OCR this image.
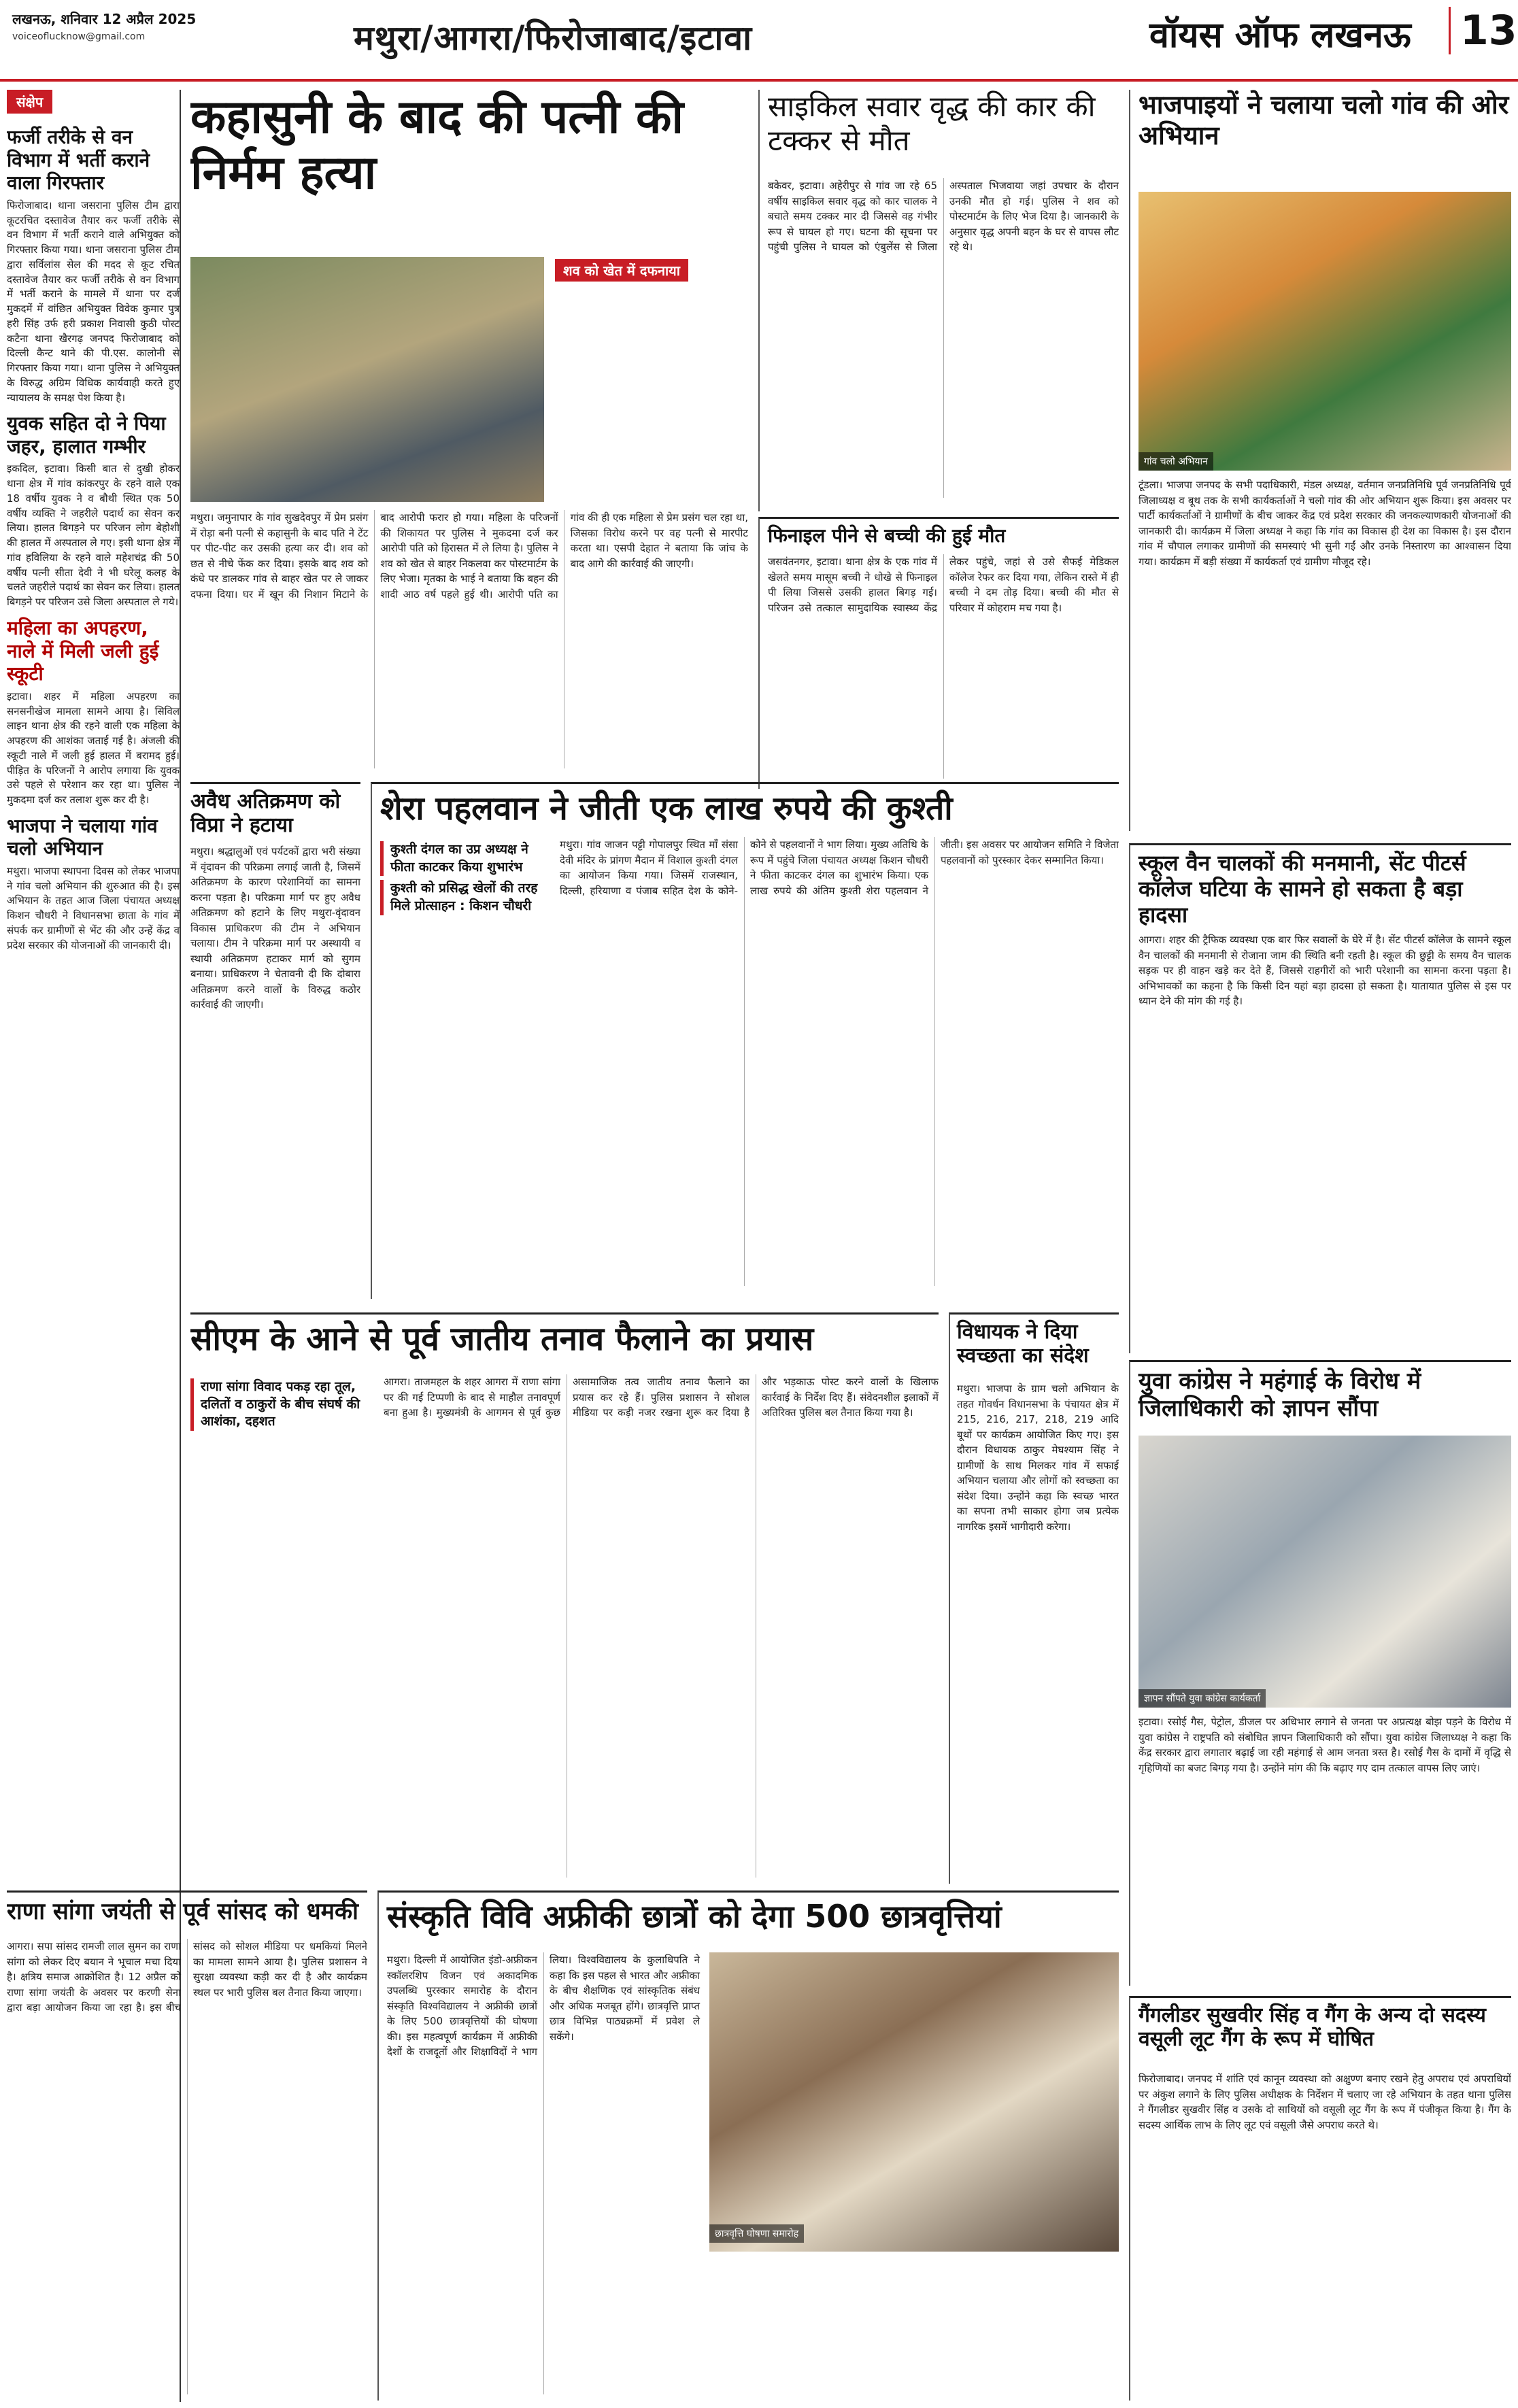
लखनऊ, शनिवार 12 अप्रैल 2025
voiceoflucknow@gmail.com	मथुरा/आगरा/फिरोजाबाद/इटावा	वॉयस ऑफ लखनऊ 13
संक्षेप
फर्जी तरीके से वन विभाग में भर्ती कराने वाला गिरफ्तार
फिरोजाबाद। थाना जसराना पुलिस टीम द्वारा कूटरचित दस्तावेज तैयार कर फर्जी तरीके से वन विभाग में भर्ती कराने वाले अभियुक्त को गिरफ्तार किया गया। थाना जसराना पुलिस टीम द्वारा सर्विलांस सेल की मदद से कूट रचित दस्तावेज तैयार कर फर्जी तरीके से वन विभाग में भर्ती कराने के मामले में थाना पर दर्ज मुकदमें में वांछित अभियुक्त विवेक कुमार पुत्र हरी सिंह उर्फ हरी प्रकाश निवासी कुठी पोस्ट कटैना थाना खैरगढ़ जनपद फिरोजाबाद को दिल्ली कैन्ट थाने की पी.एस. कालोनी से गिरफ्तार किया गया। थाना पुलिस ने अभियुक्त के विरुद्ध अग्रिम विधिक कार्यवाही करते हुए न्यायालय के समक्ष पेश किया है।
युवक सहित दो ने पिया जहर, हालात गम्भीर
इकदिल, इटावा। किसी बात से दुखी होकर थाना क्षेत्र में गांव कांकरपुर के रहने वाले एक 18 वर्षीय युवक ने व बौथी स्थित एक 50 वर्षीय व्यक्ति ने जहरीले पदार्थ का सेवन कर लिया। हालत बिगड़ने पर परिजन लोग बेहोशी की हालत में अस्पताल ले गए। इसी थाना क्षेत्र में गांव हविलिया के रहने वाले महेशचंद्र की 50 वर्षीय पत्नी सीता देवी ने भी घरेलू कलह के चलते जहरीले पदार्थ का सेवन कर लिया। हालत बिगड़ने पर परिजन उसे जिला अस्पताल ले गये।
महिला का अपहरण, नाले में मिली जली हुई स्कूटी
इटावा। शहर में महिला अपहरण का सनसनीखेज मामला सामने आया है। सिविल लाइन थाना क्षेत्र की रहने वाली एक महिला के अपहरण की आशंका जताई गई है। अंजली की स्कूटी नाले में जली हुई हालत में बरामद हुई। पीड़ित के परिजनों ने आरोप लगाया कि युवक उसे पहले से परेशान कर रहा था। पुलिस ने मुकदमा दर्ज कर तलाश शुरू कर दी है।
भाजपा ने चलाया गांव चलो अभियान
मथुरा। भाजपा स्थापना दिवस को लेकर भाजपा ने गांव चलो अभियान की शुरुआत की है। इस अभियान के तहत आज जिला पंचायत अध्यक्ष किशन चौधरी ने विधानसभा छाता के गांव में संपर्क कर ग्रामीणों से भेंट की और उन्हें केंद्र व प्रदेश सरकार की योजनाओं की जानकारी दी।
कहासुनी के बाद की पत्नी की निर्मम हत्या
शव को खेत में दफनाया
मथुरा। जमुनापार के गांव सुखदेवपुर में प्रेम प्रसंग में रोड़ा बनी पत्नी से कहासुनी के बाद पति ने टेंट पर पीट-पीट कर उसकी हत्या कर दी। शव को छत से नीचे फेंक कर दिया। इसके बाद शव को कंधे पर डालकर गांव से बाहर खेत पर ले जाकर दफना दिया। घर में खून की निशान मिटाने के बाद आरोपी फरार हो गया। महिला के परिजनों की शिकायत पर पुलिस ने मुकदमा दर्ज कर आरोपी पति को हिरासत में ले लिया है। पुलिस ने शव को खेत से बाहर निकलवा कर पोस्टमार्टम के लिए भेजा। मृतका के भाई ने बताया कि बहन की शादी आठ वर्ष पहले हुई थी। आरोपी पति का गांव की ही एक महिला से प्रेम प्रसंग चल रहा था, जिसका विरोध करने पर वह पत्नी से मारपीट करता था। एसपी देहात ने बताया कि जांच के बाद आगे की कार्रवाई की जाएगी।
साइकिल सवार वृद्ध की कार की टक्कर से मौत
बकेवर, इटावा। अहेरीपुर से गांव जा रहे 65 वर्षीय साइकिल सवार वृद्ध को कार चालक ने बचाते समय टक्कर मार दी जिससे वह गंभीर रूप से घायल हो गए। घटना की सूचना पर पहुंची पुलिस ने घायल को एंबुलेंस से जिला अस्पताल भिजवाया जहां उपचार के दौरान उनकी मौत हो गई। पुलिस ने शव को पोस्टमार्टम के लिए भेज दिया है। जानकारी के अनुसार वृद्ध अपनी बहन के घर से वापस लौट रहे थे।
फिनाइल पीने से बच्ची की हुई मौत
जसवंतनगर, इटावा। थाना क्षेत्र के एक गांव में खेलते समय मासूम बच्ची ने धोखे से फिनाइल पी लिया जिससे उसकी हालत बिगड़ गई। परिजन उसे तत्काल सामुदायिक स्वास्थ्य केंद्र लेकर पहुंचे, जहां से उसे सैफई मेडिकल कॉलेज रेफर कर दिया गया, लेकिन रास्ते में ही बच्ची ने दम तोड़ दिया। बच्ची की मौत से परिवार में कोहराम मच गया है।
भाजपाइयों ने चलाया चलो गांव की ओर अभियान
गांव चलो अभियान
टूंडला। भाजपा जनपद के सभी पदाधिकारी, मंडल अध्यक्ष, वर्तमान जनप्रतिनिधि पूर्व जनप्रतिनिधि पूर्व जिलाध्यक्ष व बूथ तक के सभी कार्यकर्ताओं ने चलो गांव की ओर अभियान शुरू किया। इस अवसर पर पार्टी कार्यकर्ताओं ने ग्रामीणों के बीच जाकर केंद्र एवं प्रदेश सरकार की जनकल्याणकारी योजनाओं की जानकारी दी। कार्यक्रम में जिला अध्यक्ष ने कहा कि गांव का विकास ही देश का विकास है। इस दौरान गांव में चौपाल लगाकर ग्रामीणों की समस्याएं भी सुनी गईं और उनके निस्तारण का आश्वासन दिया गया। कार्यक्रम में बड़ी संख्या में कार्यकर्ता एवं ग्रामीण मौजूद रहे।
अवैध अतिक्रमण को विप्रा ने हटाया
मथुरा। श्रद्धालुओं एवं पर्यटकों द्वारा भरी संख्या में वृंदावन की परिक्रमा लगाई जाती है, जिसमें अतिक्रमण के कारण परेशानियों का सामना करना पड़ता है। परिक्रमा मार्ग पर हुए अवैध अतिक्रमण को हटाने के लिए मथुरा-वृंदावन विकास प्राधिकरण की टीम ने अभियान चलाया। टीम ने परिक्रमा मार्ग पर अस्थायी व स्थायी अतिक्रमण हटाकर मार्ग को सुगम बनाया। प्राधिकरण ने चेतावनी दी कि दोबारा अतिक्रमण करने वालों के विरुद्ध कठोर कार्रवाई की जाएगी।
शेरा पहलवान ने जीती एक लाख रुपये की कुश्ती
कुश्ती दंगल का उप्र अध्यक्ष ने फीता काटकर किया शुभारंभ
कुश्ती को प्रसिद्ध खेलों की तरह मिले प्रोत्साहन : किशन चौधरी
मथुरा। गांव जाजन पट्टी गोपालपुर स्थित माँ संसा देवी मंदिर के प्रांगण मैदान में विशाल कुश्ती दंगल का आयोजन किया गया। जिसमें राजस्थान, दिल्ली, हरियाणा व पंजाब सहित देश के कोने-कोने से पहलवानों ने भाग लिया। मुख्य अतिथि के रूप में पहुंचे जिला पंचायत अध्यक्ष किशन चौधरी ने फीता काटकर दंगल का शुभारंभ किया। एक लाख रुपये की अंतिम कुश्ती शेरा पहलवान ने जीती। इस अवसर पर आयोजन समिति ने विजेता पहलवानों को पुरस्कार देकर सम्मानित किया।	स्कूल वैन चालकों की मनमानी, सेंट पीटर्स कॉलेज घटिया के सामने हो सकता है बड़ा हादसा
आगरा। शहर की ट्रैफिक व्यवस्था एक बार फिर सवालों के घेरे में है। सेंट पीटर्स कॉलेज के सामने स्कूल वैन चालकों की मनमानी से रोजाना जाम की स्थिति बनी रहती है। स्कूल की छुट्टी के समय वैन चालक सड़क पर ही वाहन खड़े कर देते हैं, जिससे राहगीरों को भारी परेशानी का सामना करना पड़ता है। अभिभावकों का कहना है कि किसी दिन यहां बड़ा हादसा हो सकता है। यातायात पुलिस से इस पर ध्यान देने की मांग की गई है।
सीएम के आने से पूर्व जातीय तनाव फैलाने का प्रयास
राणा सांगा विवाद पकड़ रहा तूल, दलितों व ठाकुरों के बीच संघर्ष की आशंका, दहशत
आगरा। ताजमहल के शहर आगरा में राणा सांगा पर की गई टिप्पणी के बाद से माहौल तनावपूर्ण बना हुआ है। मुख्यमंत्री के आगमन से पूर्व कुछ असामाजिक तत्व जातीय तनाव फैलाने का प्रयास कर रहे हैं। पुलिस प्रशासन ने सोशल मीडिया पर कड़ी नजर रखना शुरू कर दिया है और भड़काऊ पोस्ट करने वालों के खिलाफ कार्रवाई के निर्देश दिए हैं। संवेदनशील इलाकों में अतिरिक्त पुलिस बल तैनात किया गया है।
विधायक ने दिया स्वच्छता का संदेश
मथुरा। भाजपा के ग्राम चलो अभियान के तहत गोवर्धन विधानसभा के पंचायत क्षेत्र में 215, 216, 217, 218, 219 आदि बूथों पर कार्यक्रम आयोजित किए गए। इस दौरान विधायक ठाकुर मेघश्याम सिंह ने ग्रामीणों के साथ मिलकर गांव में सफाई अभियान चलाया और लोगों को स्वच्छता का संदेश दिया। उन्होंने कहा कि स्वच्छ भारत का सपना तभी साकार होगा जब प्रत्येक नागरिक इसमें भागीदारी करेगा।
युवा कांग्रेस ने महंगाई के विरोध में जिलाधिकारी को ज्ञापन सौंपा
ज्ञापन सौंपते युवा कांग्रेस कार्यकर्ता
इटावा। रसोई गैस, पेट्रोल, डीजल पर अधिभार लगाने से जनता पर अप्रत्यक्ष बोझ पड़ने के विरोध में युवा कांग्रेस ने राष्ट्रपति को संबोधित ज्ञापन जिलाधिकारी को सौंपा। युवा कांग्रेस जिलाध्यक्ष ने कहा कि केंद्र सरकार द्वारा लगातार बढ़ाई जा रही महंगाई से आम जनता त्रस्त है। रसोई गैस के दामों में वृद्धि से गृहिणियों का बजट बिगड़ गया है। उन्होंने मांग की कि बढ़ाए गए दाम तत्काल वापस लिए जाएं।
राणा सांगा जयंती से पूर्व सांसद को धमकी
आगरा। सपा सांसद रामजी लाल सुमन का राणा सांगा को लेकर दिए बयान ने भूचाल मचा दिया है। क्षत्रिय समाज आक्रोशित है। 12 अप्रैल को राणा सांगा जयंती के अवसर पर करणी सेना द्वारा बड़ा आयोजन किया जा रहा है। इस बीच सांसद को सोशल मीडिया पर धमकियां मिलने का मामला सामने आया है। पुलिस प्रशासन ने सुरक्षा व्यवस्था कड़ी कर दी है और कार्यक्रम स्थल पर भारी पुलिस बल तैनात किया जाएगा।
संस्कृति विवि अफ्रीकी छात्रों को देगा 500 छात्रवृत्तियां
मथुरा। दिल्ली में आयोजित इंडो-अफ्रीकन स्कॉलरशिप विजन एवं अकादमिक उपलब्धि पुरस्कार समारोह के दौरान संस्कृति विश्वविद्यालय ने अफ्रीकी छात्रों के लिए 500 छात्रवृत्तियों की घोषणा की। इस महत्वपूर्ण कार्यक्रम में अफ्रीकी देशों के राजदूतों और शिक्षाविदों ने भाग लिया। विश्वविद्यालय के कुलाधिपति ने कहा कि इस पहल से भारत और अफ्रीका के बीच शैक्षणिक एवं सांस्कृतिक संबंध और अधिक मजबूत होंगे। छात्रवृत्ति प्राप्त छात्र विभिन्न पाठ्यक्रमों में प्रवेश ले सकेंगे।
छात्रवृत्ति घोषणा समारोह
गैंगलीडर सुखवीर सिंह व गैंग के अन्य दो सदस्य वसूली लूट गैंग के रूप में घोषित
फिरोजाबाद। जनपद में शांति एवं कानून व्यवस्था को अक्षुण्ण बनाए रखने हेतु अपराध एवं अपराधियों पर अंकुश लगाने के लिए पुलिस अधीक्षक के निर्देशन में चलाए जा रहे अभियान के तहत थाना पुलिस ने गैंगलीडर सुखवीर सिंह व उसके दो साथियों को वसूली लूट गैंग के रूप में पंजीकृत किया है। गैंग के सदस्य आर्थिक लाभ के लिए लूट एवं वसूली जैसे अपराध करते थे।
